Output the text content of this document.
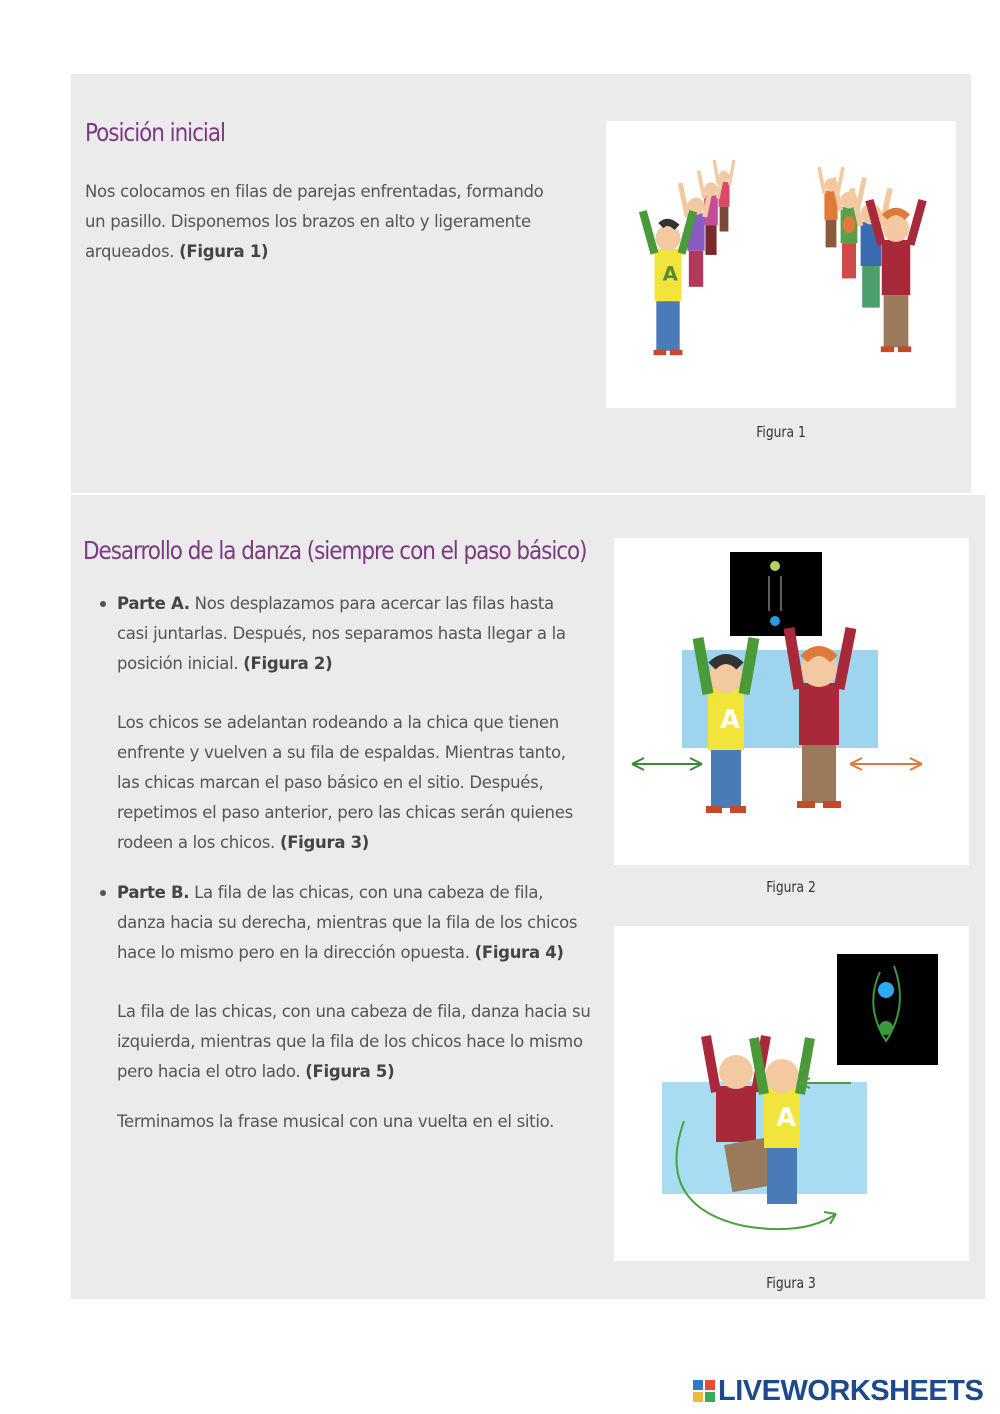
Posición inicial
Nos colocamos en filas de parejas enfrentadas, formando un pasillo. Disponemos los brazos en alto y ligeramente arqueados. (Figura 1)
A
Figura 1
Desarrollo de la danza (siempre con el paso básico)
Parte A. Nos desplazamos para acercar las filas hasta casi juntarlas. Después, nos separamos hasta llegar a la posición inicial. (Figura 2)
Los chicos se adelantan rodeando a la chica que tienen enfrente y vuelven a su fila de espaldas. Mientras tanto, las chicas marcan el paso básico en el sitio. Después, repetimos el paso anterior, pero las chicas serán quienes rodeen a los chicos. (Figura 3)
Parte B. La fila de las chicas, con una cabeza de fila, danza hacia su derecha, mientras que la fila de los chicos hace lo mismo pero en la dirección opuesta. (Figura 4)
La fila de las chicas, con una cabeza de fila, danza hacia su izquierda, mientras que la fila de los chicos hace lo mismo pero hacia el otro lado. (Figura 5)
Terminamos la frase musical con una vuelta en el sitio.
A
Figura 2
A
Figura 3
LIVEWORKSHEETS
